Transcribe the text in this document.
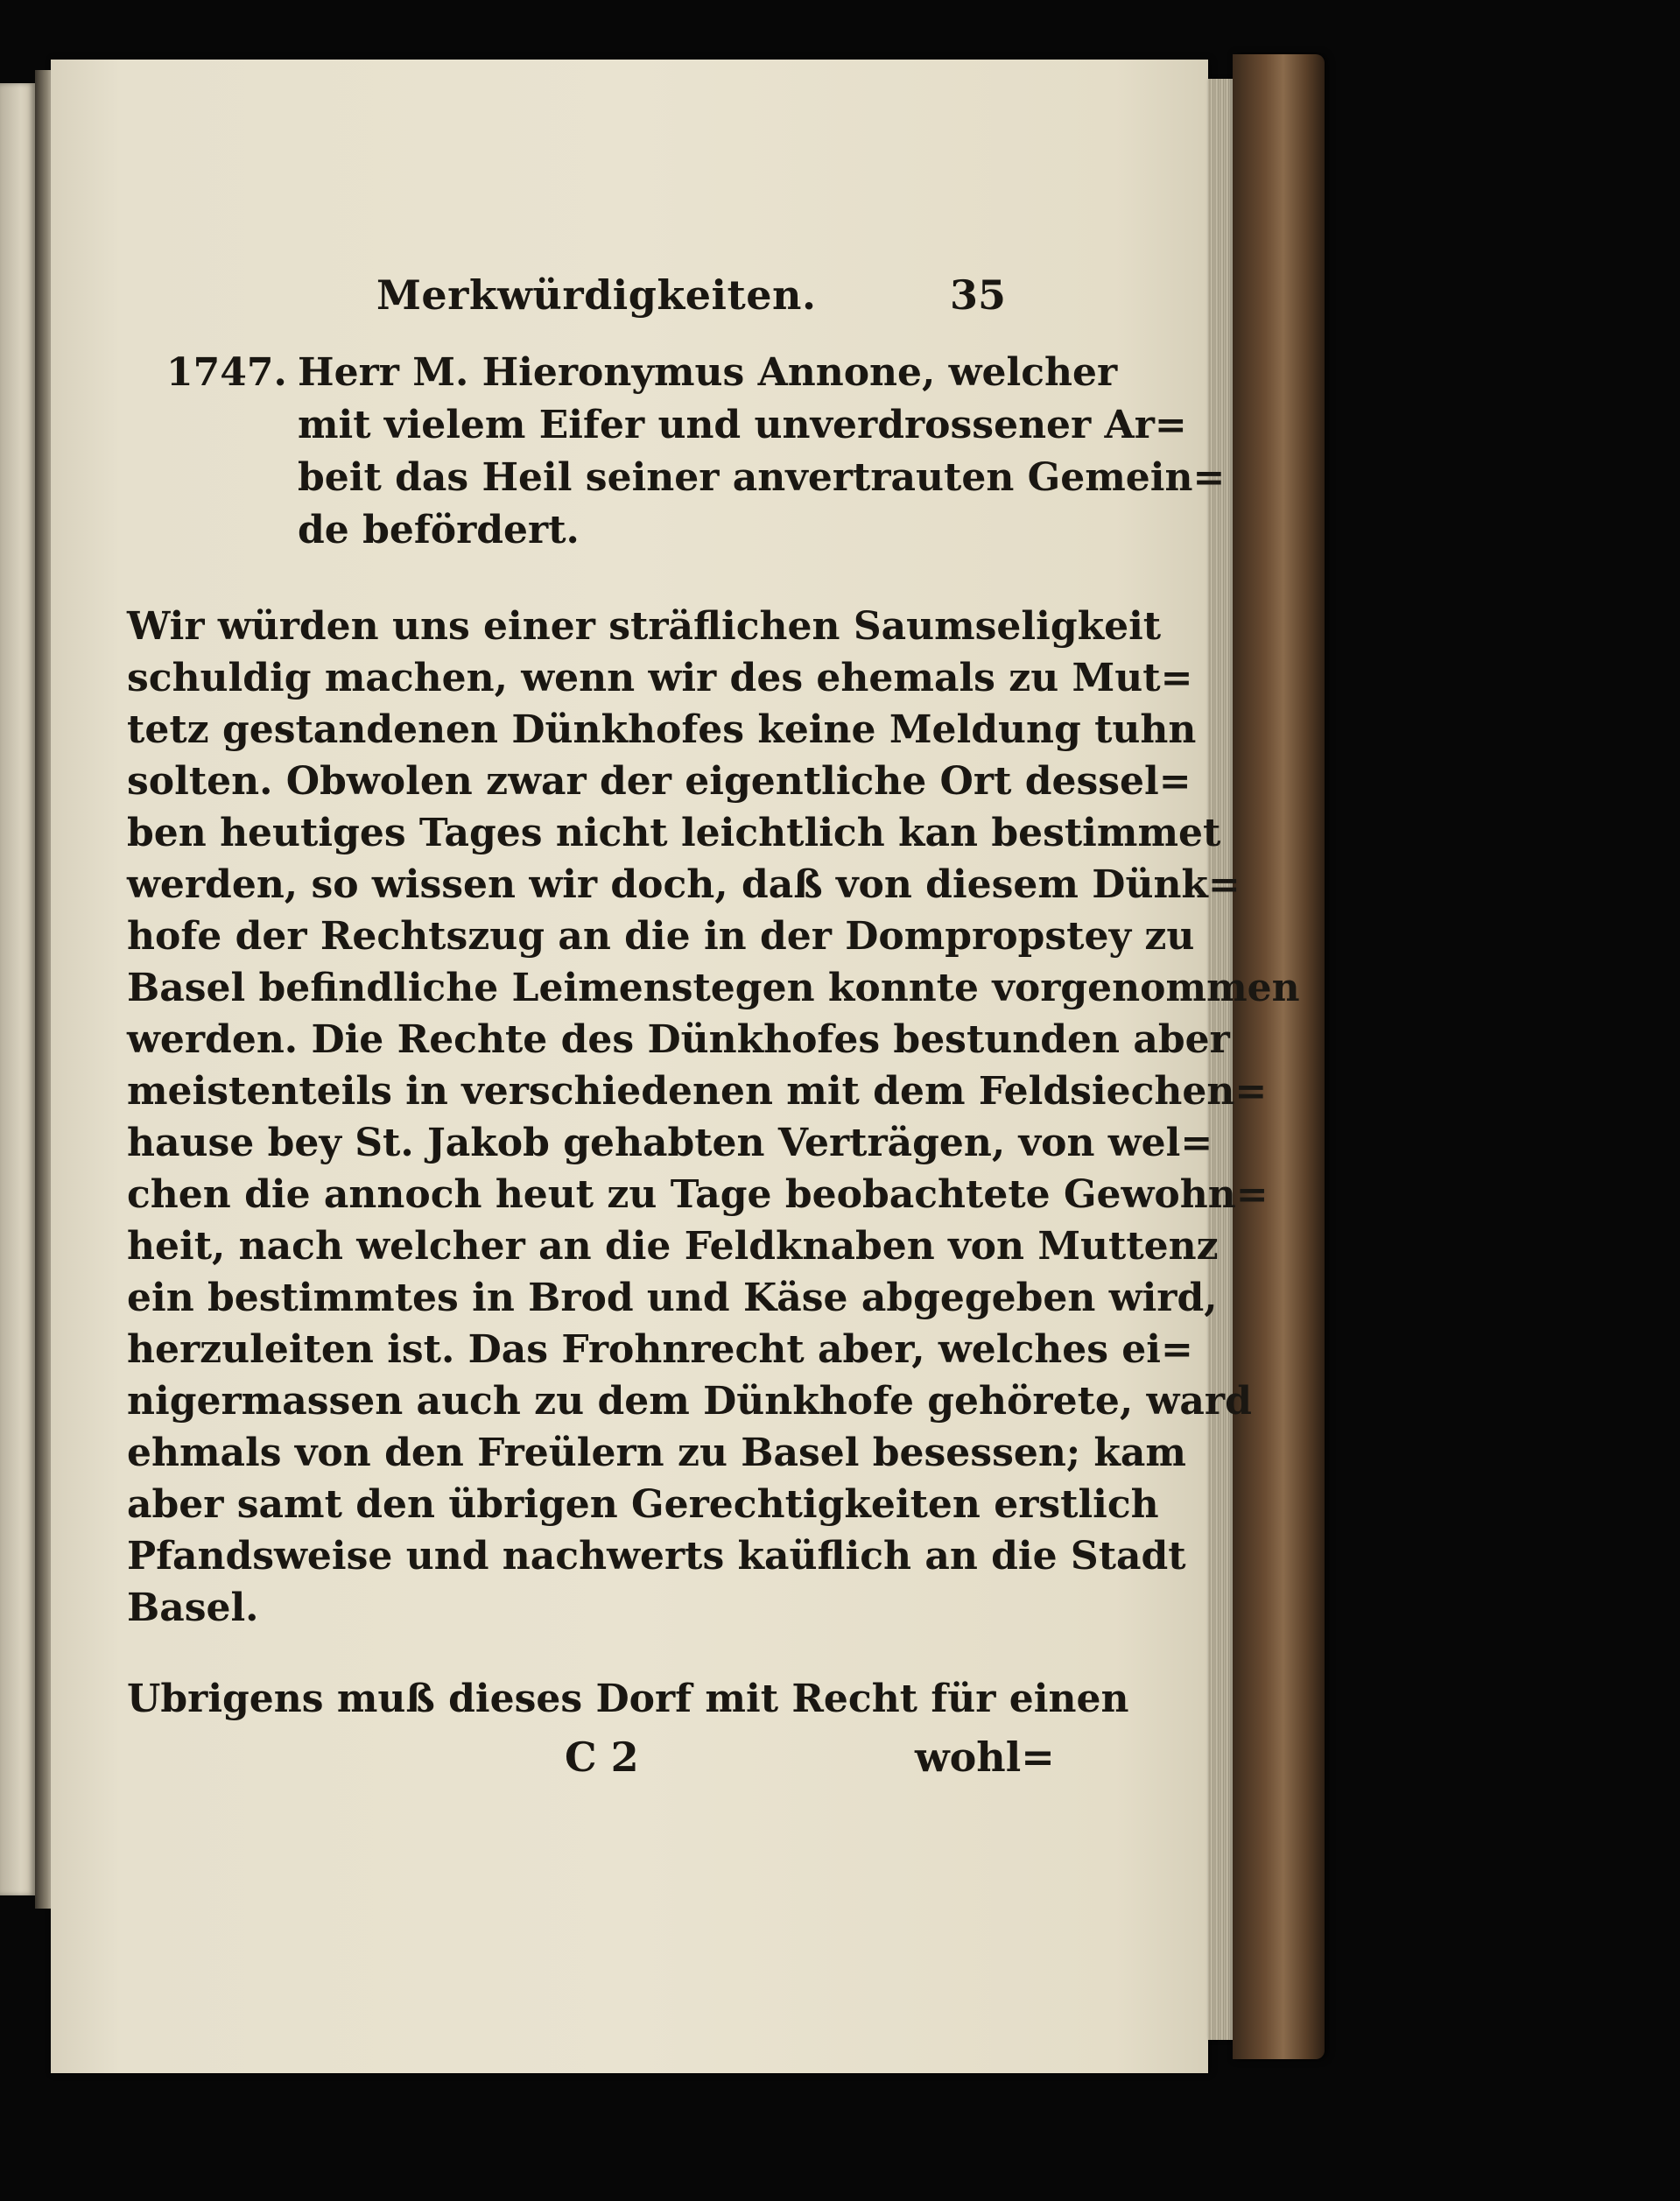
Merkwürdigkeiten.	35
1747. Herr M. Hieronymus Annone, welcher
mit vielem Eifer und unverdrossener Ar=
beit das Heil seiner anvertrauten Gemein=
de befördert.
Wir würden uns einer sträflichen Saumseligkeit
schuldig machen, wenn wir des ehemals zu Mut=
tetz gestandenen Dünkhofes keine Meldung tuhn
solten. Obwolen zwar der eigentliche Ort dessel=
ben heutiges Tages nicht leichtlich kan bestimmet
werden, so wissen wir doch, daß von diesem Dünk=
hofe der Rechtszug an die in der Dompropstey zu
Basel befindliche Leimenstegen konnte vorgenommen
werden. Die Rechte des Dünkhofes bestunden aber
meistenteils in verschiedenen mit dem Feldsiechen=
hause bey St. Jakob gehabten Verträgen, von wel=
chen die annoch heut zu Tage beobachtete Gewohn=
heit, nach welcher an die Feldknaben von Muttenz
ein bestimmtes in Brod und Käse abgegeben wird,
herzuleiten ist. Das Frohnrecht aber, welches ei=
nigermassen auch zu dem Dünkhofe gehörete, ward
ehmals von den Freülern zu Basel besessen; kam
aber samt den übrigen Gerechtigkeiten erstlich
Pfandsweise und nachwerts kaüflich an die Stadt
Basel.
Ubrigens muß dieses Dorf mit Recht für einen
C 2	wohl=
